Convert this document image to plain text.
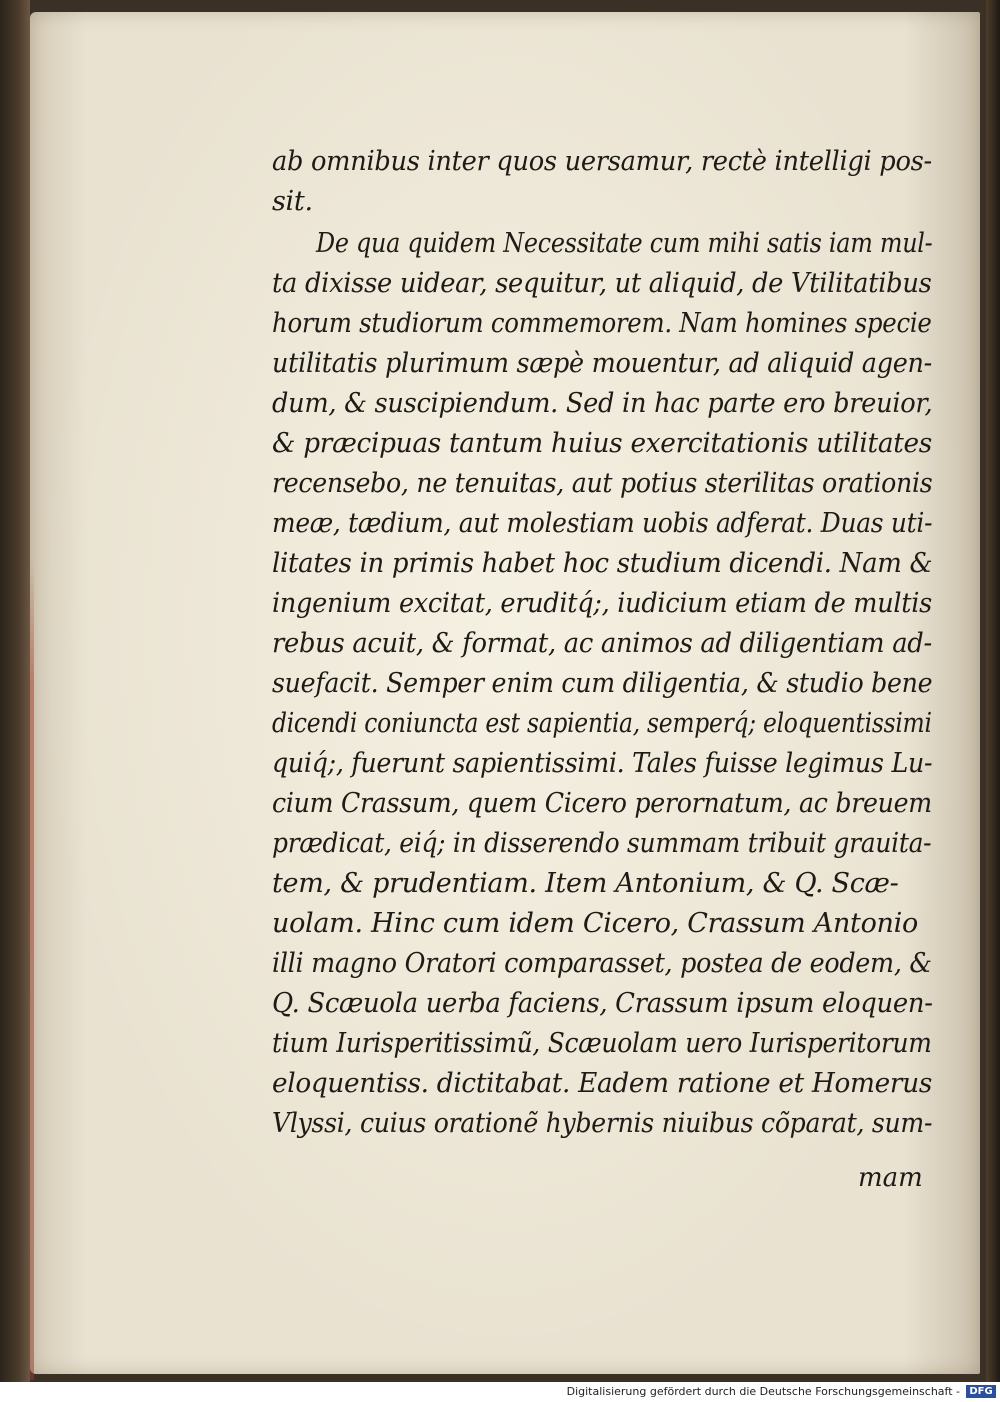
ab omnibus inter quos uersamur, rectè intelligi pos-
sit.
De qua quidem Necessitate cum mihi satis iam mul-
ta dixisse uidear, sequitur, ut aliquid, de Vtilitatibus
horum studiorum commemorem. Nam homines specie
utilitatis plurimum sæpè mouentur, ad aliquid agen-
dum, & suscipiendum. Sed in hac parte ero breuior,
& præcipuas tantum huius exercitationis utilitates
recensebo, ne tenuitas, aut potius sterilitas orationis
meæ, tædium, aut molestiam uobis adferat. Duas uti-
litates in primis habet hoc studium dicendi. Nam &
ingenium excitat, eruditq́;, iudicium etiam de multis
rebus acuit, & format, ac animos ad diligentiam ad-
suefacit. Semper enim cum diligentia, & studio bene
dicendi coniuncta est sapientia, semperq́; eloquentissimi
quiq́;, fuerunt sapientissimi. Tales fuisse legimus Lu-
cium Crassum, quem Cicero perornatum, ac breuem
prædicat, eiq́; in disserendo summam tribuit grauita-
tem, & prudentiam. Item Antonium, & Q. Scæ-
uolam. Hinc cum idem Cicero, Crassum Antonio
illi magno Oratori comparasset, postea de eodem, &
Q. Scæuola uerba faciens, Crassum ipsum eloquen-
tium Iurisperitissimũ, Scæuolam uero Iurisperitorum
eloquentiss. dictitabat. Eadem ratione et Homerus
Vlyssi, cuius orationẽ hybernis niuibus cõparat, sum-
mam
Digitalisierung gefördert durch die Deutsche Forschungsgemeinschaft - DFG
